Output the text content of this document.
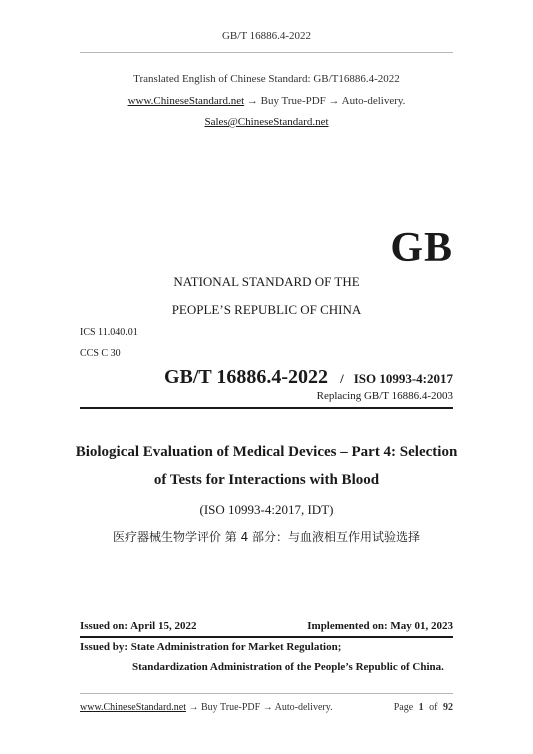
GB/T 16886.4-2022
Translated English of Chinese Standard: GB/T16886.4-2022
www.ChineseStandard.net → Buy True-PDF → Auto-delivery.
Sales@ChineseStandard.net
GB
NATIONAL STANDARD OF THE
PEOPLE’S REPUBLIC OF CHINA
ICS 11.040.01
CCS C 30
GB/T 16886.4-2022 / ISO 10993-4:2017
Replacing GB/T 16886.4-2003
Biological Evaluation of Medical Devices – Part 4: Selection
of Tests for Interactions with Blood
(ISO 10993-4:2017, IDT)
医疗器械生物学评价 第 4 部分：与血液相互作用试验选择
Issued on: April 15, 2022	Implemented on: May 01, 2023
Issued by: State Administration for Market Regulation;
Standardization Administration of the People’s Republic of China.
www.ChineseStandard.net → Buy True-PDF → Auto-delivery.	Page 1 of 92
